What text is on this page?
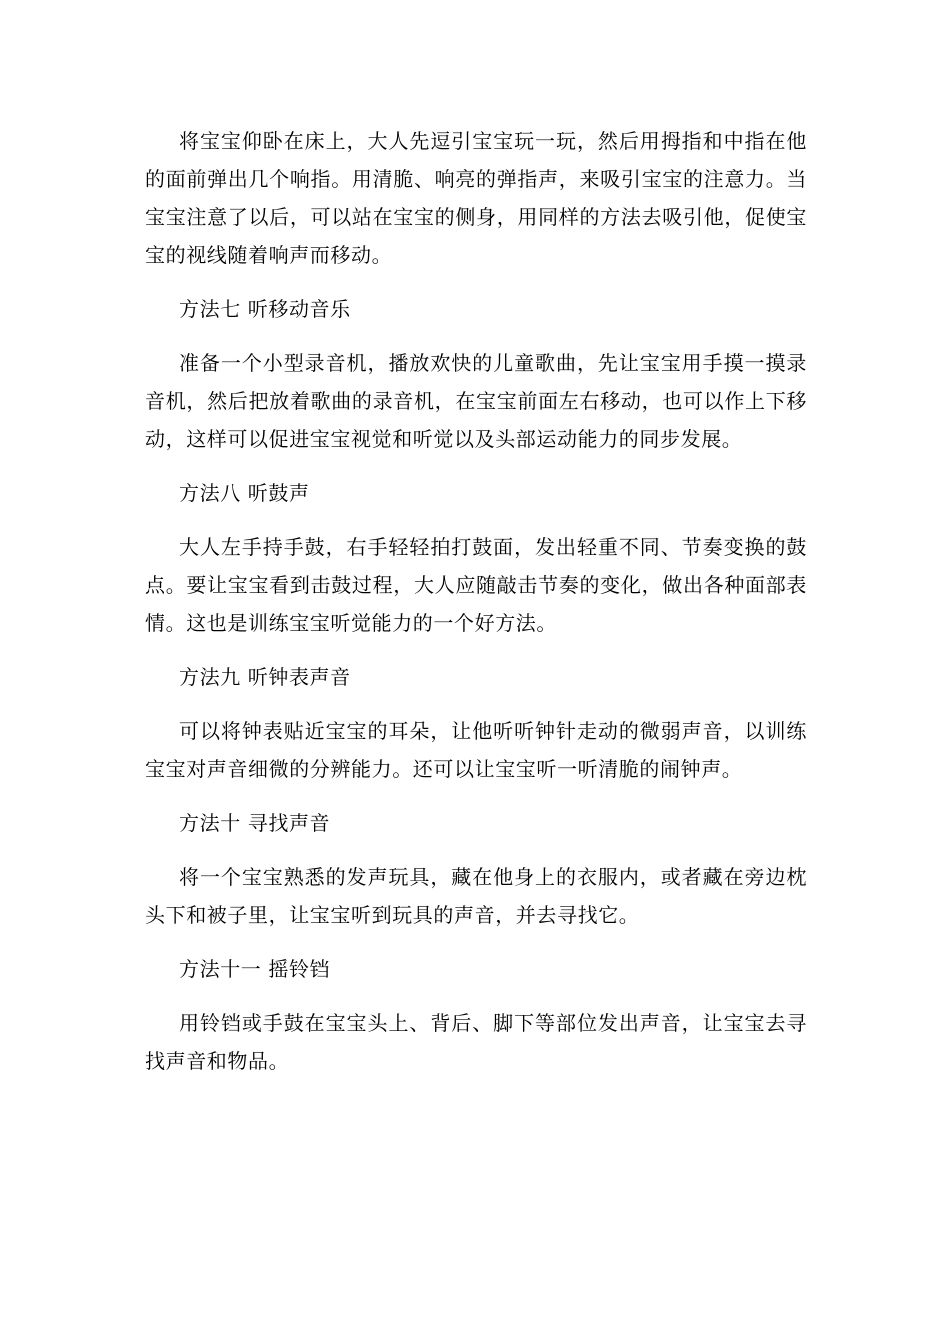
将宝宝仰卧在床上，大人先逗引宝宝玩一玩，然后用拇指和中指在他的面前弹出几个响指。用清脆、响亮的弹指声，来吸引宝宝的注意力。当宝宝注意了以后，可以站在宝宝的侧身，用同样的方法去吸引他，促使宝宝的视线随着响声而移动。

方法七 听移动音乐

准备一个小型录音机，播放欢快的儿童歌曲，先让宝宝用手摸一摸录音机，然后把放着歌曲的录音机，在宝宝前面左右移动，也可以作上下移动，这样可以促进宝宝视觉和听觉以及头部运动能力的同步发展。

方法八 听鼓声

大人左手持手鼓，右手轻轻拍打鼓面，发出轻重不同、节奏变换的鼓点。要让宝宝看到击鼓过程，大人应随敲击节奏的变化，做出各种面部表情。这也是训练宝宝听觉能力的一个好方法。

方法九 听钟表声音

可以将钟表贴近宝宝的耳朵，让他听听钟针走动的微弱声音，以训练宝宝对声音细微的分辨能力。还可以让宝宝听一听清脆的闹钟声。

方法十 寻找声音

将一个宝宝熟悉的发声玩具，藏在他身上的衣服内，或者藏在旁边枕头下和被子里，让宝宝听到玩具的声音，并去寻找它。

方法十一 摇铃铛

用铃铛或手鼓在宝宝头上、背后、脚下等部位发出声音，让宝宝去寻找声音和物品。
